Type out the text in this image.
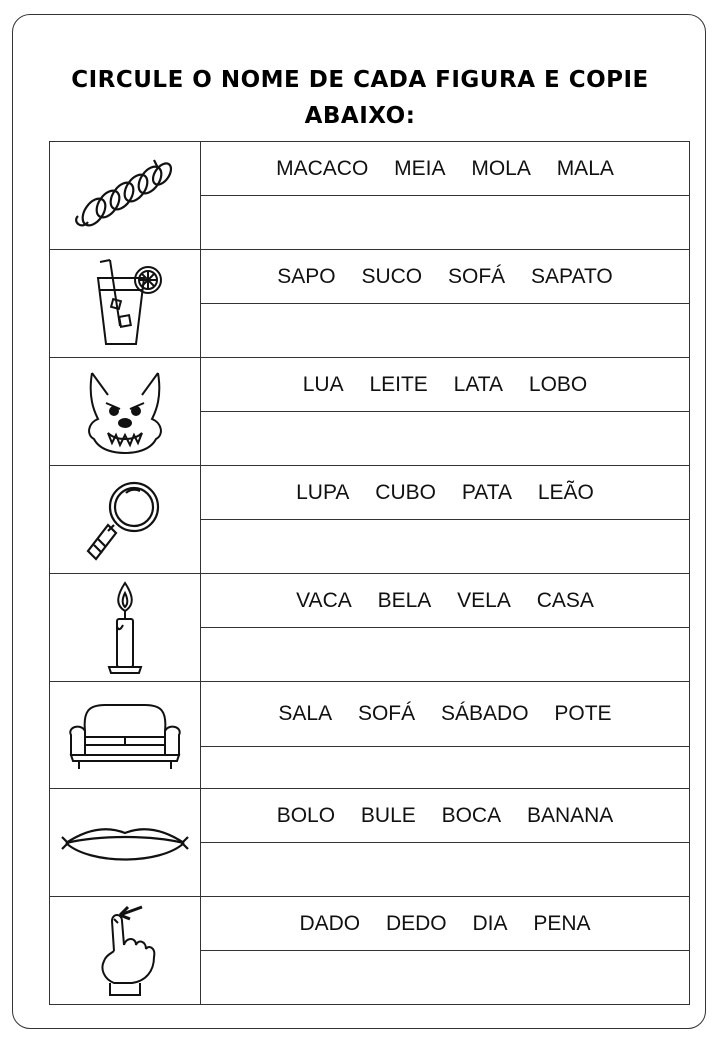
CIRCULE O NOME DE CADA FIGURA E COPIE
ABAIXO:
	MACACO MEIA MOLA MALA

	SAPO SUCO SOFÁ SAPATO

	LUA LEITE LATA LOBO

	LUPA CUBO PATA LEÃO

	VACA BELA VELA CASA

	SALA SOFÁ SÁBADO POTE

	BOLO BULE BOCA BANANA

	DADO DEDO DIA PENA
